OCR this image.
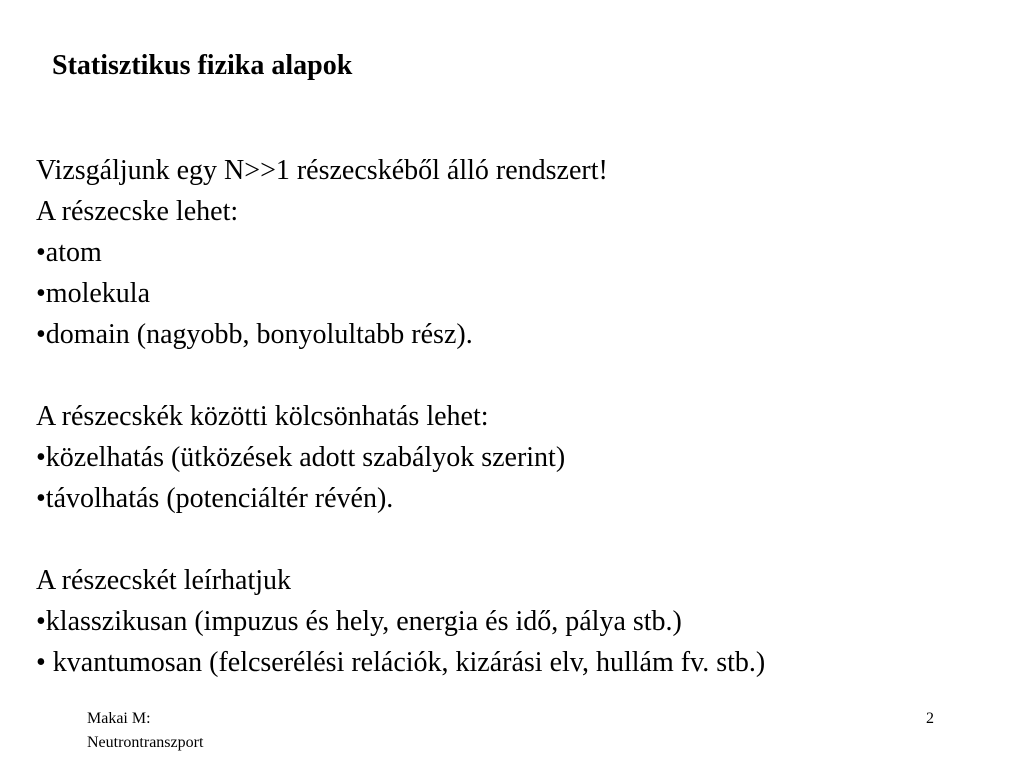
Statisztikus fizika alapok
Vizsgáljunk egy N>>1 részecskéből álló rendszert!
A részecske lehet:
•atom
•molekula
•domain (nagyobb, bonyolultabb rész).
A részecskék közötti kölcsönhatás lehet:
•közelhatás (ütközések adott szabályok szerint)
•távolhatás (potenciáltér révén).
A részecskét leírhatjuk
•klasszikusan (impuzus és hely, energia és idő, pálya stb.)
• kvantumosan (felcserélési relációk, kizárási elv, hullám fv. stb.)
Makai M:
Neutrontranszport
2
